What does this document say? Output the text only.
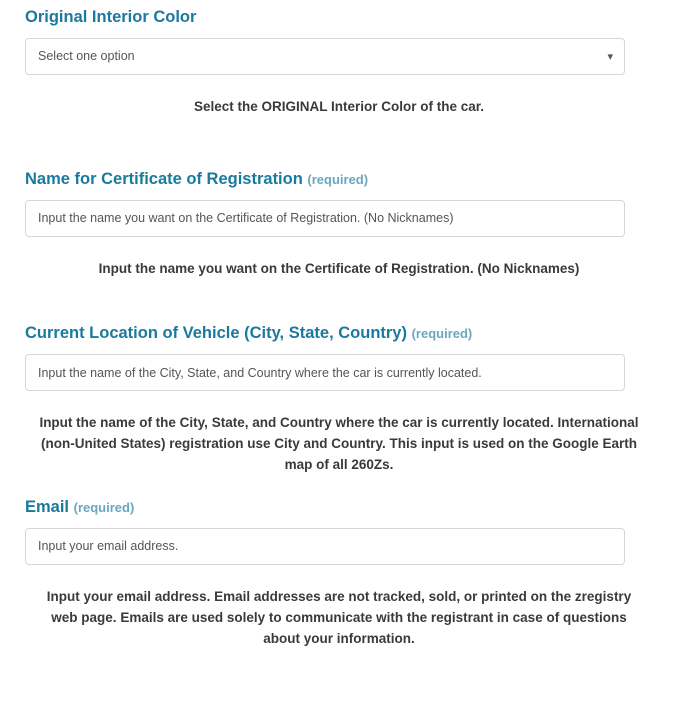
Original Interior Color
Select one option	▾
Select the ORIGINAL Interior Color of the car.
Name for Certificate of Registration (required)
Input the name you want on the Certificate of Registration. (No Nicknames)
Input the name you want on the Certificate of Registration. (No Nicknames)
Current Location of Vehicle (City, State, Country) (required)
Input the name of the City, State, and Country where the car is currently located.
Input the name of the City, State, and Country where the car is currently located. International (non-United States) registration use City and Country. This input is used on the Google Earth map of all 260Zs.
Email (required)
Input your email address.
Input your email address. Email addresses are not tracked, sold, or printed on the zregistry web page. Emails are used solely to communicate with the registrant in case of questions about your information.
